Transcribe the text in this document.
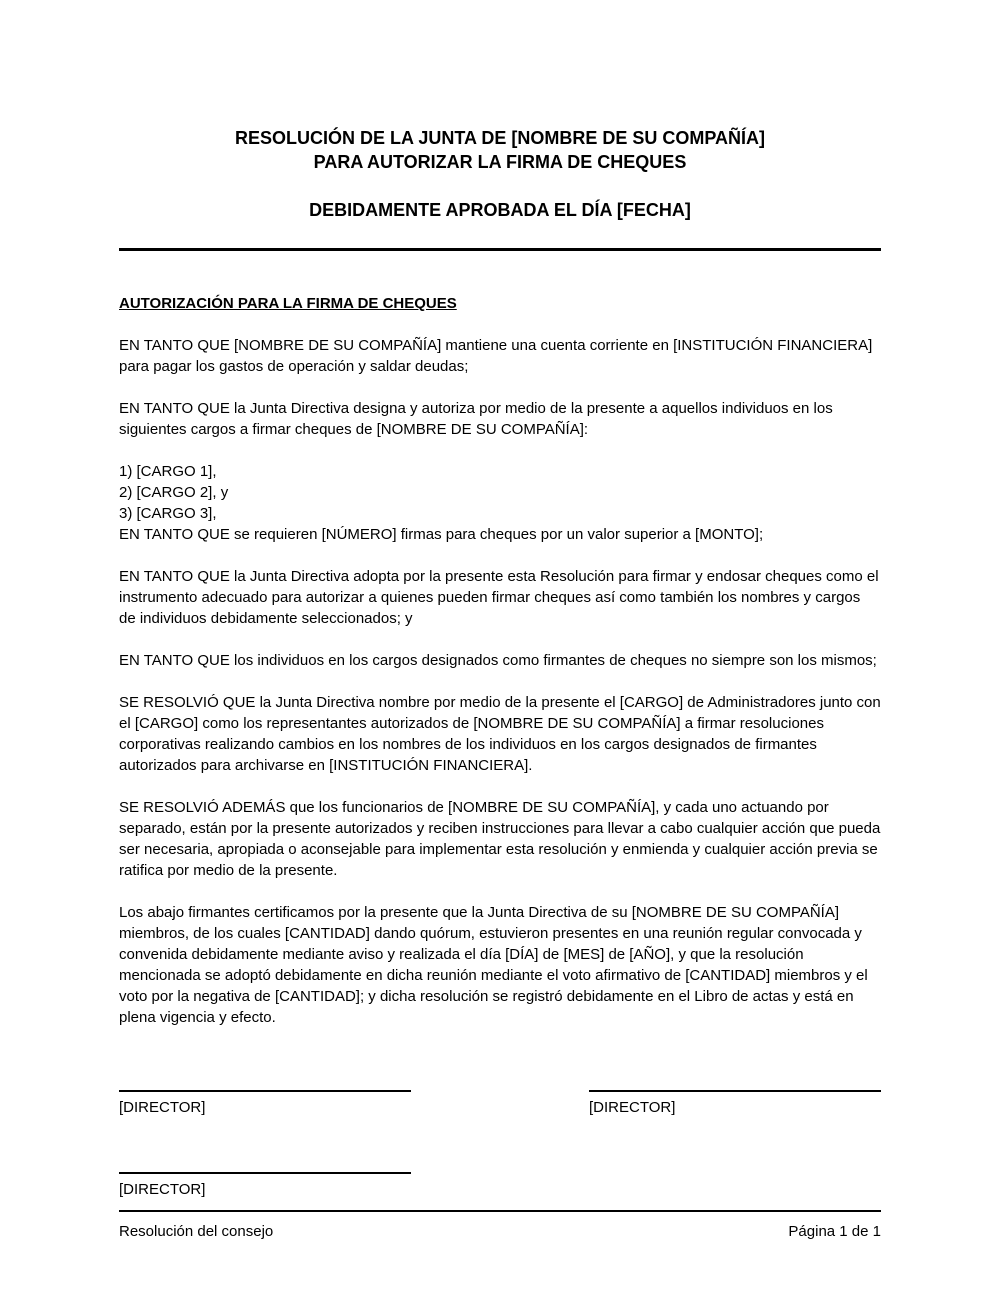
RESOLUCIÓN DE LA JUNTA DE [NOMBRE DE SU COMPAÑÍA]
PARA AUTORIZAR LA FIRMA DE CHEQUES
DEBIDAMENTE APROBADA EL DÍA [FECHA]
AUTORIZACIÓN PARA LA FIRMA DE CHEQUES

EN TANTO QUE [NOMBRE DE SU COMPAÑÍA] mantiene una cuenta corriente en [INSTITUCIÓN FINANCIERA] para pagar los gastos de operación y saldar deudas;

EN TANTO QUE la Junta Directiva designa y autoriza por medio de la presente a aquellos individuos en los siguientes cargos a firmar cheques de [NOMBRE DE SU COMPAÑÍA]:

1) [CARGO 1],
2) [CARGO 2], y
3) [CARGO 3],
EN TANTO QUE se requieren [NÚMERO] firmas para cheques por un valor superior a [MONTO];

EN TANTO QUE la Junta Directiva adopta por la presente esta Resolución para firmar y endosar cheques como el instrumento adecuado para autorizar a quienes pueden firmar cheques así como también los nombres y cargos de individuos debidamente seleccionados; y

EN TANTO QUE los individuos en los cargos designados como firmantes de cheques no siempre son los mismos;

SE RESOLVIÓ QUE la Junta Directiva nombre por medio de la presente el [CARGO] de Administradores junto con el [CARGO] como los representantes autorizados de [NOMBRE DE SU COMPAÑÍA] a firmar resoluciones corporativas realizando cambios en los nombres de los individuos en los cargos designados de firmantes autorizados para archivarse en [INSTITUCIÓN FINANCIERA].

SE RESOLVIÓ ADEMÁS que los funcionarios de [NOMBRE DE SU COMPAÑÍA], y cada uno actuando por separado, están por la presente autorizados y reciben instrucciones para llevar a cabo cualquier acción que pueda ser necesaria, apropiada o aconsejable para implementar esta resolución y enmienda y cualquier acción previa se ratifica por medio de la presente.

Los abajo firmantes certificamos por la presente que la Junta Directiva de su [NOMBRE DE SU COMPAÑÍA] miembros, de los cuales [CANTIDAD] dando quórum, estuvieron presentes en una reunión regular convocada y convenida debidamente mediante aviso y realizada el día [DÍA] de [MES] de [AÑO], y que la resolución mencionada se adoptó debidamente en dicha reunión mediante el voto afirmativo de [CANTIDAD] miembros y el voto por la negativa de [CANTIDAD]; y dicha resolución se registró debidamente en el Libro de actas y está en plena vigencia y efecto.

[DIRECTOR]	[DIRECTOR]
[DIRECTOR]
Resolución del consejo	Página 1 de 1
